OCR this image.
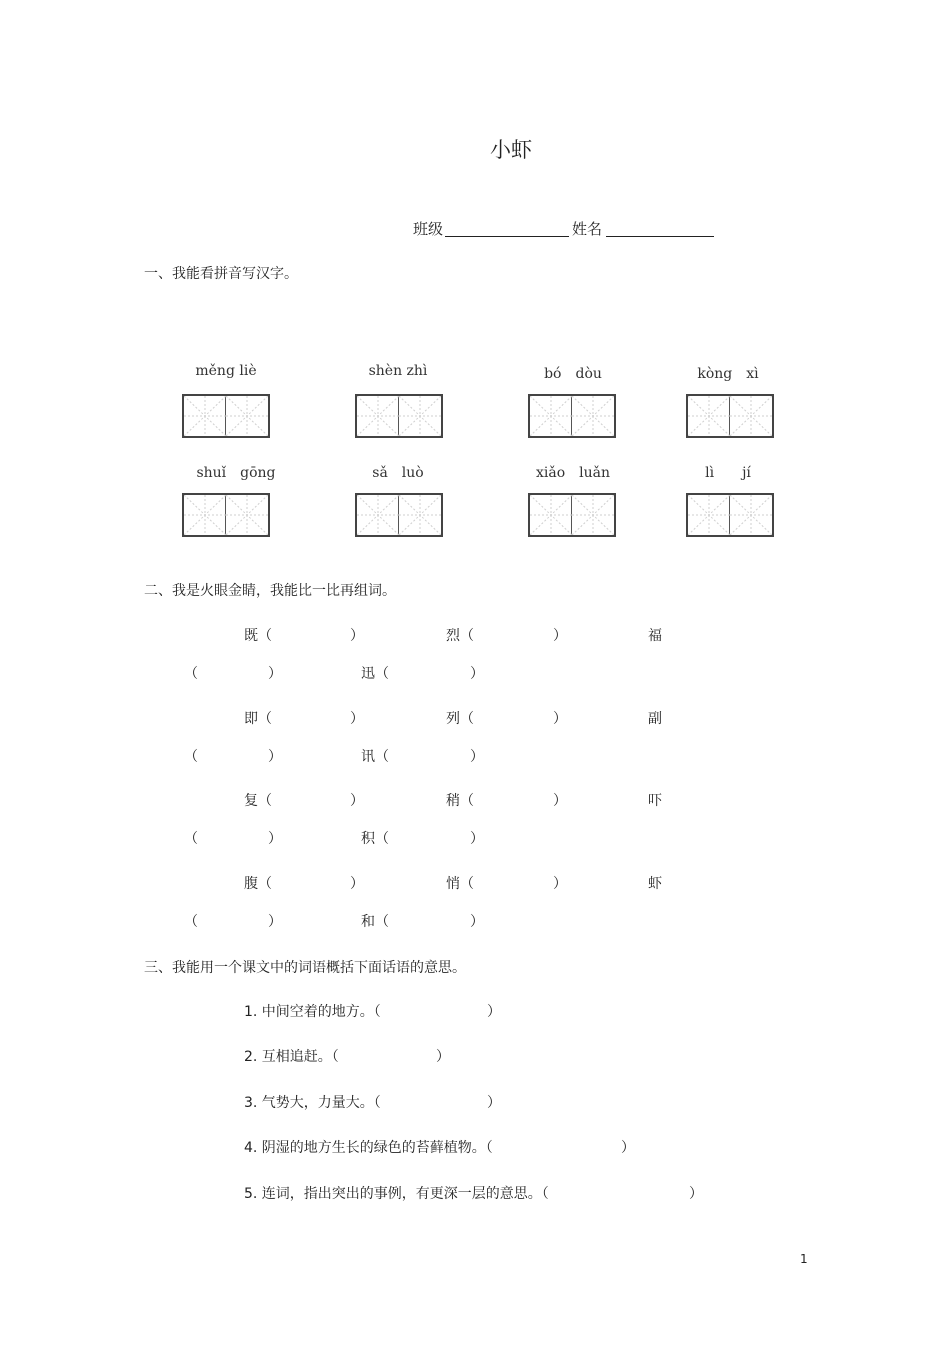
小虾
班级	姓名
一、我能看拼音写汉字。
měng liè	shèn zhì	bó　dòu	kòng　xì
shuǐ　gōng	sǎ　luò	xiǎo　luǎn	lì　　jí
二、我是火眼金睛，我能比一比再组词。
既（	）	烈（	）	福
（	）	迅（	）
即（	）	列（	）	副
（	）	讯（	）
复（	）	稍（	）	吓
（	）	积（	）
腹（	）	悄（	）	虾
（	）	和（	）
三、我能用一个课文中的词语概括下面话语的意思。
1. 中间空着的地方。（	）
2. 互相追赶。（	）
3. 气势大，力量大。（	）
4. 阴湿的地方生长的绿色的苔藓植物。（	）
5. 连词，指出突出的事例，有更深一层的意思。（	）
1
